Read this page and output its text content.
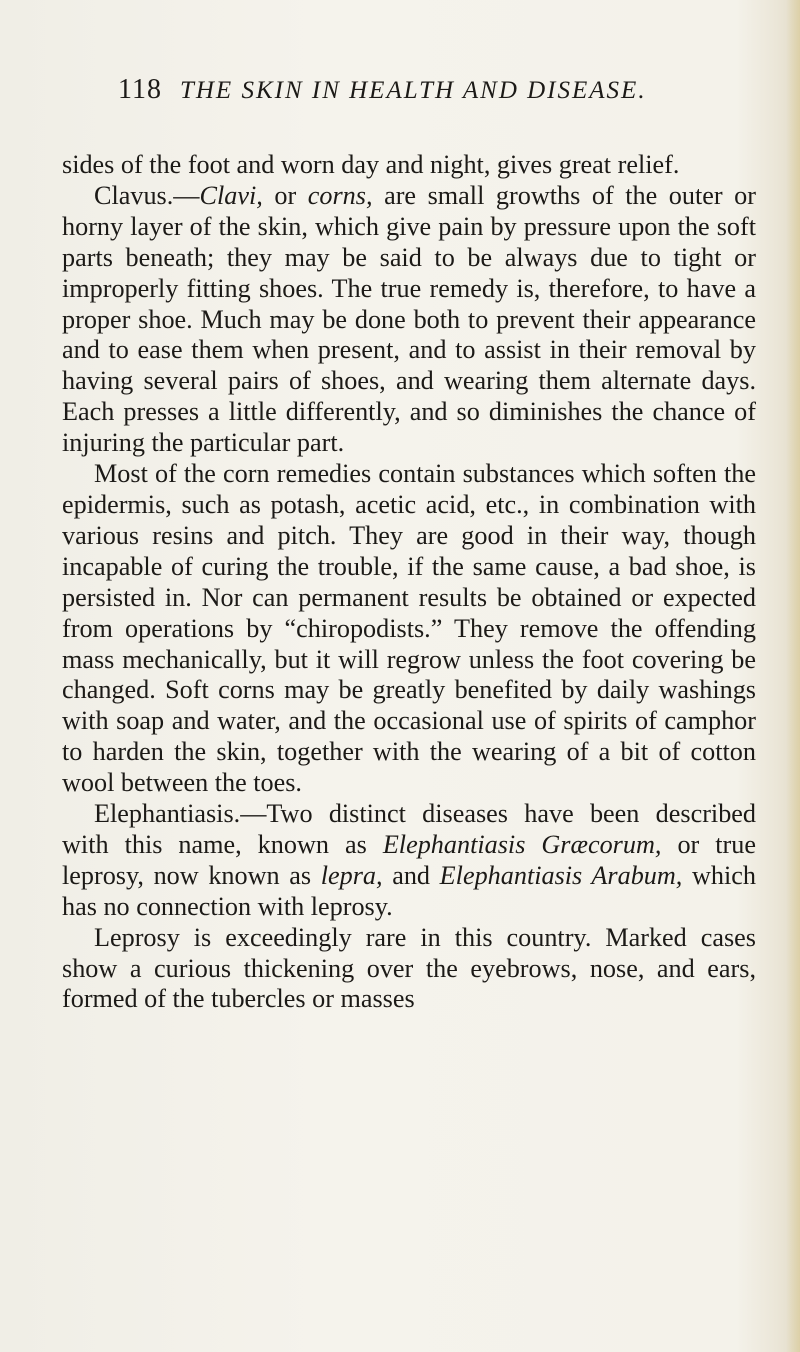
118 THE SKIN IN HEALTH AND DISEASE.

sides of the foot and worn day and night, gives great relief.

Clavus.—Clavi, or corns, are small growths of the outer or horny layer of the skin, which give pain by pressure upon the soft parts beneath; they may be said to be always due to tight or improperly fitting shoes. The true remedy is, therefore, to have a proper shoe. Much may be done both to prevent their appearance and to ease them when present, and to assist in their removal by having several pairs of shoes, and wearing them alternate days. Each presses a little differently, and so diminishes the chance of injuring the particular part.

Most of the corn remedies contain substances which soften the epidermis, such as potash, acetic acid, etc., in combination with various resins and pitch. They are good in their way, though incapable of curing the trouble, if the same cause, a bad shoe, is persisted in. Nor can permanent results be obtained or expected from operations by “chiropodists.” They remove the offending mass mechanically, but it will regrow unless the foot covering be changed. Soft corns may be greatly benefited by daily washings with soap and water, and the occasional use of spirits of camphor to harden the skin, together with the wearing of a bit of cotton wool between the toes.

Elephantiasis.—Two distinct diseases have been described with this name, known as Elephantiasis Græcorum, or true leprosy, now known as lepra, and Elephantiasis Arabum, which has no connection with leprosy.

Leprosy is exceedingly rare in this country. Marked cases show a curious thickening over the eyebrows, nose, and ears, formed of the tubercles or masses
